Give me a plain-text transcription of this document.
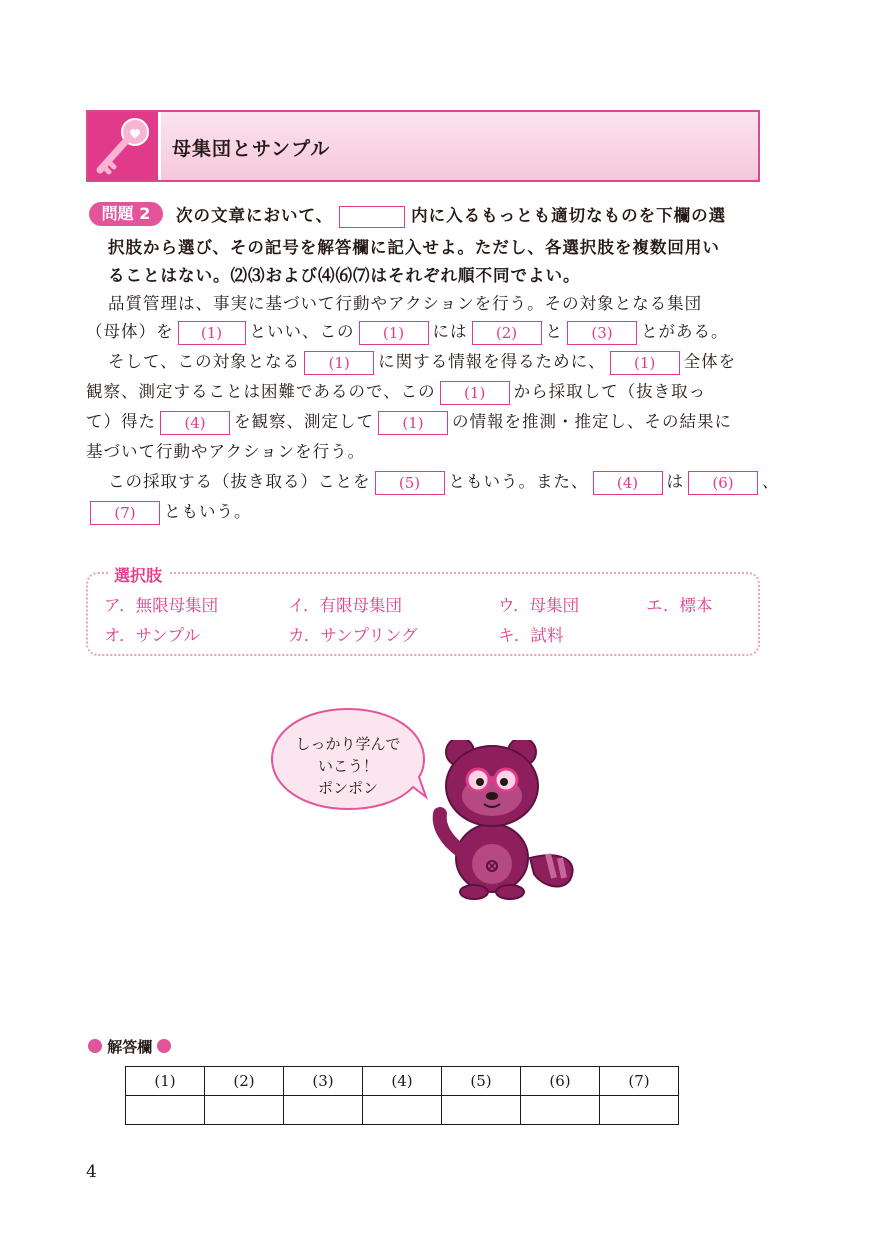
母集団とサンプル
問題 2	次の文章において、	内に入るもっとも適切なものを下欄の選
択肢から選び、その記号を解答欄に記入せよ。ただし、各選択肢を複数回用い
ることはない。⑵⑶および⑷⑹⑺はそれぞれ順不同でよい。
品質管理は、事実に基づいて行動やアクションを行う。その対象となる集団
（母体）を (1) といい、この (1) には (2) と (3) とがある。
そして、この対象となる (1) に関する情報を得るために、 (1) 全体を
観察、測定することは困難であるので、この (1) から採取して（抜き取っ
て）得た (4) を観察、測定して (1) の情報を推測・推定し、その結果に
基づいて行動やアクションを行う。
この採取する（抜き取る）ことを (5) ともいう。また、 (4) は (6) 、
(7) ともいう。
選択肢
ア．無限母集団	イ．有限母集団	ウ．母集団	エ．標本
オ．サンプル	カ．サンプリング	キ．試料
しっかり学んで
いこう！
ポンポン
解答欄
(1)	(2)	(3)	(4)	(5)	(6)	(7)

4
